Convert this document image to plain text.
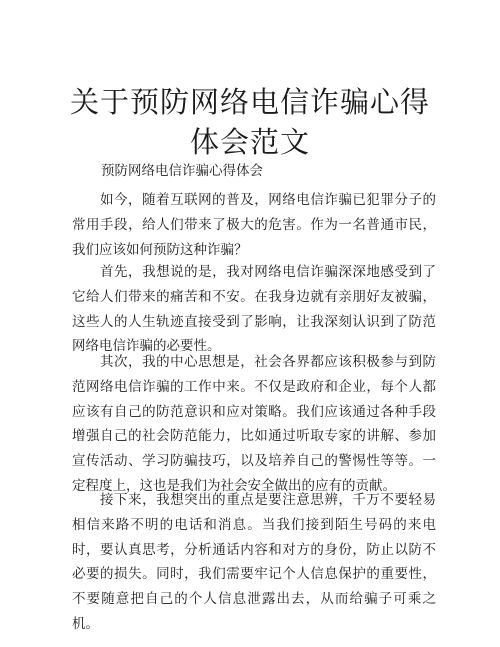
关于预防网络电信诈骗心得体会范文

预防网络电信诈骗心得体会

如今，随着互联网的普及，网络电信诈骗已犯罪分子的常用手段，给人们带来了极大的危害。作为一名普通市民，我们应该如何预防这种诈骗？

首先，我想说的是，我对网络电信诈骗深深地感受到了它给人们带来的痛苦和不安。在我身边就有亲朋好友被骗，这些人的人生轨迹直接受到了影响，让我深刻认识到了防范网络电信诈骗的必要性。

其次，我的中心思想是，社会各界都应该积极参与到防范网络电信诈骗的工作中来。不仅是政府和企业，每个人都应该有自己的防范意识和应对策略。我们应该通过各种手段增强自己的社会防范能力，比如通过听取专家的讲解、参加宣传活动、学习防骗技巧，以及培养自己的警惕性等等。一定程度上，这也是我们为社会安全做出的应有的贡献。

接下来，我想突出的重点是要注意思辨，千万不要轻易相信来路不明的电话和消息。当我们接到陌生号码的来电时，要认真思考，分析通话内容和对方的身份，防止以防不必要的损失。同时，我们需要牢记个人信息保护的重要性，不要随意把自己的个人信息泄露出去，从而给骗子可乘之机。
